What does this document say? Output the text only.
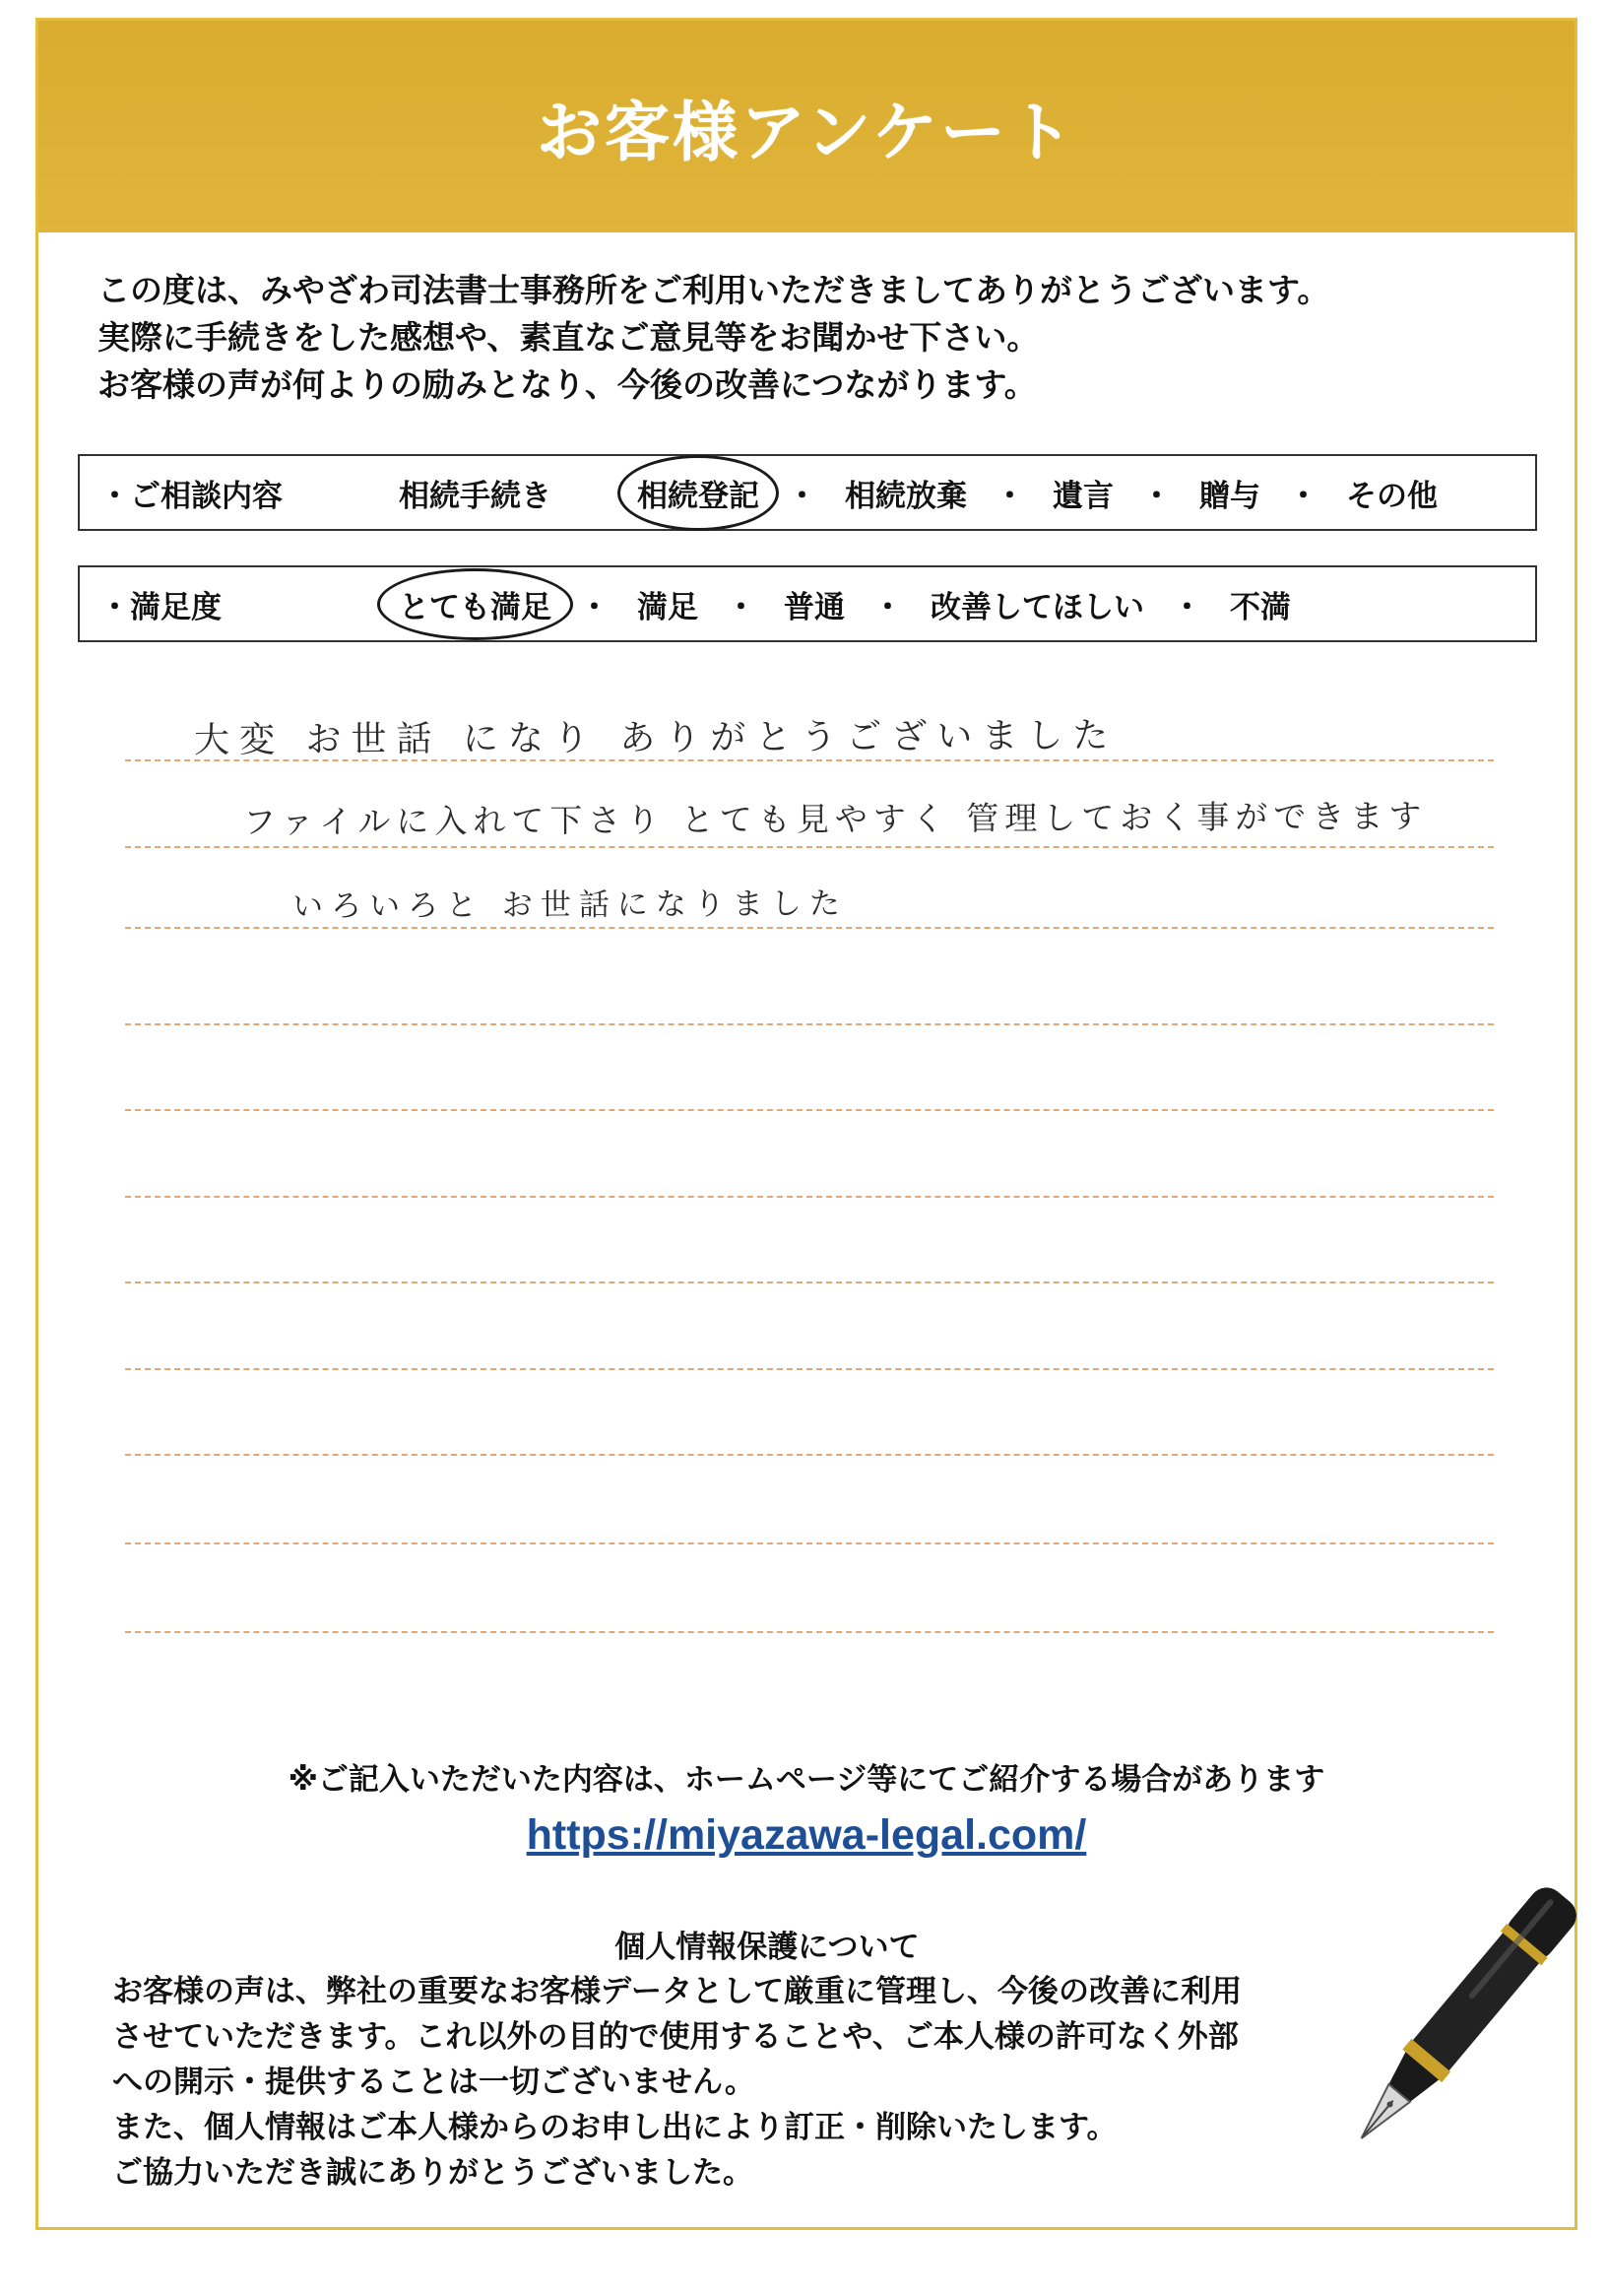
お客様アンケート
この度は、みやざわ司法書士事務所をご利用いただきましてありがとうございます。
実際に手続きをした感想や、素直なご意見等をお聞かせ下さい。
お客様の声が何よりの励みとなり、今後の改善につながります。
・ご相談内容	相続手続き	相続登記 ・ 相続放棄 ・ 遺言 ・ 贈与 ・ その他
・満足度	とても満足 ・ 満足 ・ 普通 ・ 改善してほしい ・ 不満
大変 お世話 になり ありがとうございました
ファイルに入れて下さり とても見やすく 管理しておく事ができます
いろいろと お世話になりました
※ご記入いただいた内容は、ホームページ等にてご紹介する場合があります
https://miyazawa-legal.com/
個人情報保護について
お客様の声は、弊社の重要なお客様データとして厳重に管理し、今後の改善に利用
させていただきます。これ以外の目的で使用することや、ご本人様の許可なく外部
への開示・提供することは一切ございません。
また、個人情報はご本人様からのお申し出により訂正・削除いたします。
ご協力いただき誠にありがとうございました。
